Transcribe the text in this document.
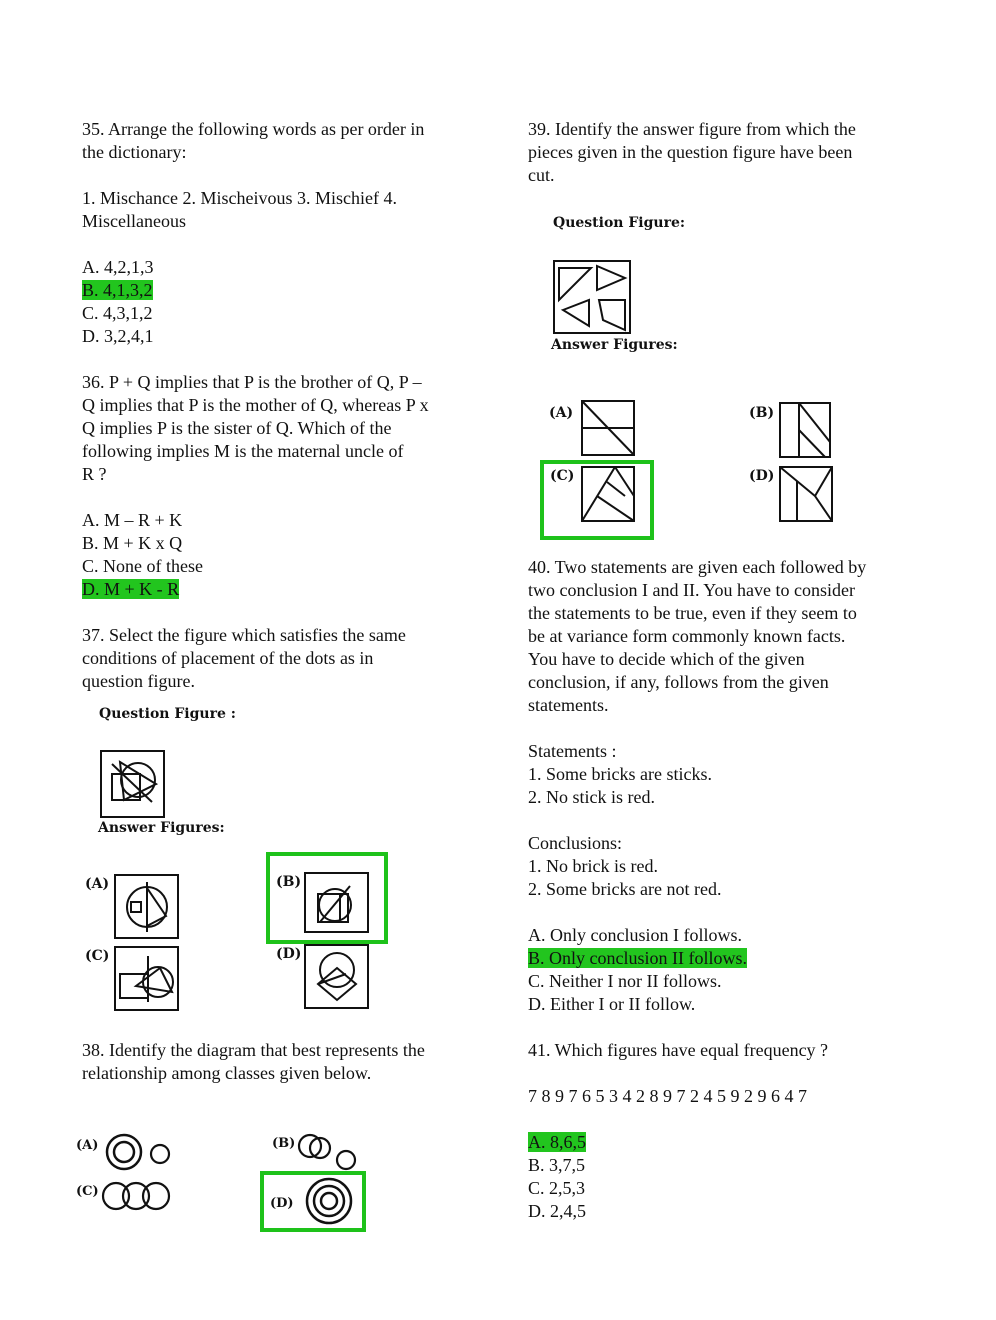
35. Arrange the following words as per order in

the dictionary:

1. Mischance 2. Mischeivous 3. Mischief 4.

Miscellaneous

A. 4,2,1,3

B. 4,1,3,2

C. 4,3,1,2

D. 3,2,4,1

36. P + Q implies that P is the brother of Q, P –

Q implies that P is the mother of Q, whereas P x

Q implies P is the sister of Q. Which of the

following implies M is the maternal uncle of

R ?

A. M – R + K

B. M + K x Q

C. None of these

D. M + K - R

37. Select the figure which satisfies the same

conditions of placement of the dots as in

question figure.

Question Figure :
Answer Figures:
(A)	(B)
(C)	(D)

38. Identify the diagram that best represents the

relationship among classes given below.

(A)	(B)
(C)
(D)

39. Identify the answer figure from which the

pieces given in the question figure have been

cut.

Question Figure:
Answer Figures:
(A)	(B)
(C)	(D)

40. Two statements are given each followed by

two conclusion I and II. You have to consider

the statements to be true, even if they seem to

be at variance form commonly known facts.

You have to decide which of the given

conclusion, if any, follows from the given

statements.

Statements :

1. Some bricks are sticks.

2. No stick is red.

Conclusions:

1. No brick is red.

2. Some bricks are not red.

A. Only conclusion I follows.

B. Only conclusion II follows.

C. Neither I nor II follows.

D. Either I or II follow.

41. Which figures have equal frequency ?

7 8 9 7 6 5 3 4 2 8 9 7 2 4 5 9 2 9 6 4 7

A. 8,6,5

B. 3,7,5

C. 2,5,3

D. 2,4,5
